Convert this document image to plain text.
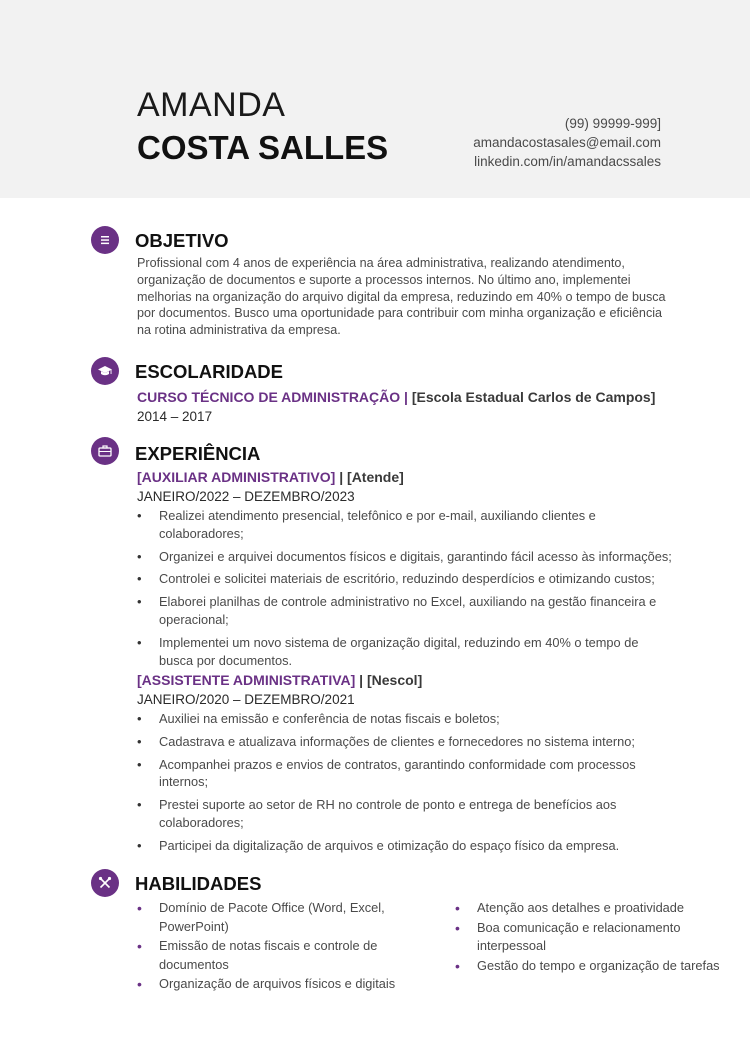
AMANDA
COSTA SALLES
(99) 99999-999]
amandacostasales@email.com
linkedin.com/in/amandacssales
OBJETIVO
Profissional com 4 anos de experiência na área administrativa, realizando atendimento, organização de documentos e suporte a processos internos. No último ano, implementei melhorias na organização do arquivo digital da empresa, reduzindo em 40% o tempo de busca por documentos. Busco uma oportunidade para contribuir com minha organização e eficiência na rotina administrativa da empresa.
ESCOLARIDADE
CURSO TÉCNICO DE ADMINISTRAÇÃO | [Escola Estadual Carlos de Campos]
2014 – 2017
EXPERIÊNCIA
[AUXILIAR ADMINISTRATIVO] | [Atende]
JANEIRO/2022 – DEZEMBRO/2023
• Realizei atendimento presencial, telefônico e por e-mail, auxiliando clientes e colaboradores;
• Organizei e arquivei documentos físicos e digitais, garantindo fácil acesso às informações;
• Controlei e solicitei materiais de escritório, reduzindo desperdícios e otimizando custos;
• Elaborei planilhas de controle administrativo no Excel, auxiliando na gestão financeira e operacional;
• Implementei um novo sistema de organização digital, reduzindo em 40% o tempo de busca por documentos.
[ASSISTENTE ADMINISTRATIVA] | [Nescol]
JANEIRO/2020 – DEZEMBRO/2021
• Auxiliei na emissão e conferência de notas fiscais e boletos;
• Cadastrava e atualizava informações de clientes e fornecedores no sistema interno;
• Acompanhei prazos e envios de contratos, garantindo conformidade com processos internos;
• Prestei suporte ao setor de RH no controle de ponto e entrega de benefícios aos colaboradores;
• Participei da digitalização de arquivos e otimização do espaço físico da empresa.
HABILIDADES
• Domínio de Pacote Office (Word, Excel, PowerPoint)
• Emissão de notas fiscais e controle de documentos
• Organização de arquivos físicos e digitais
• Atenção aos detalhes e proatividade
• Boa comunicação e relacionamento interpessoal
• Gestão do tempo e organização de tarefas
